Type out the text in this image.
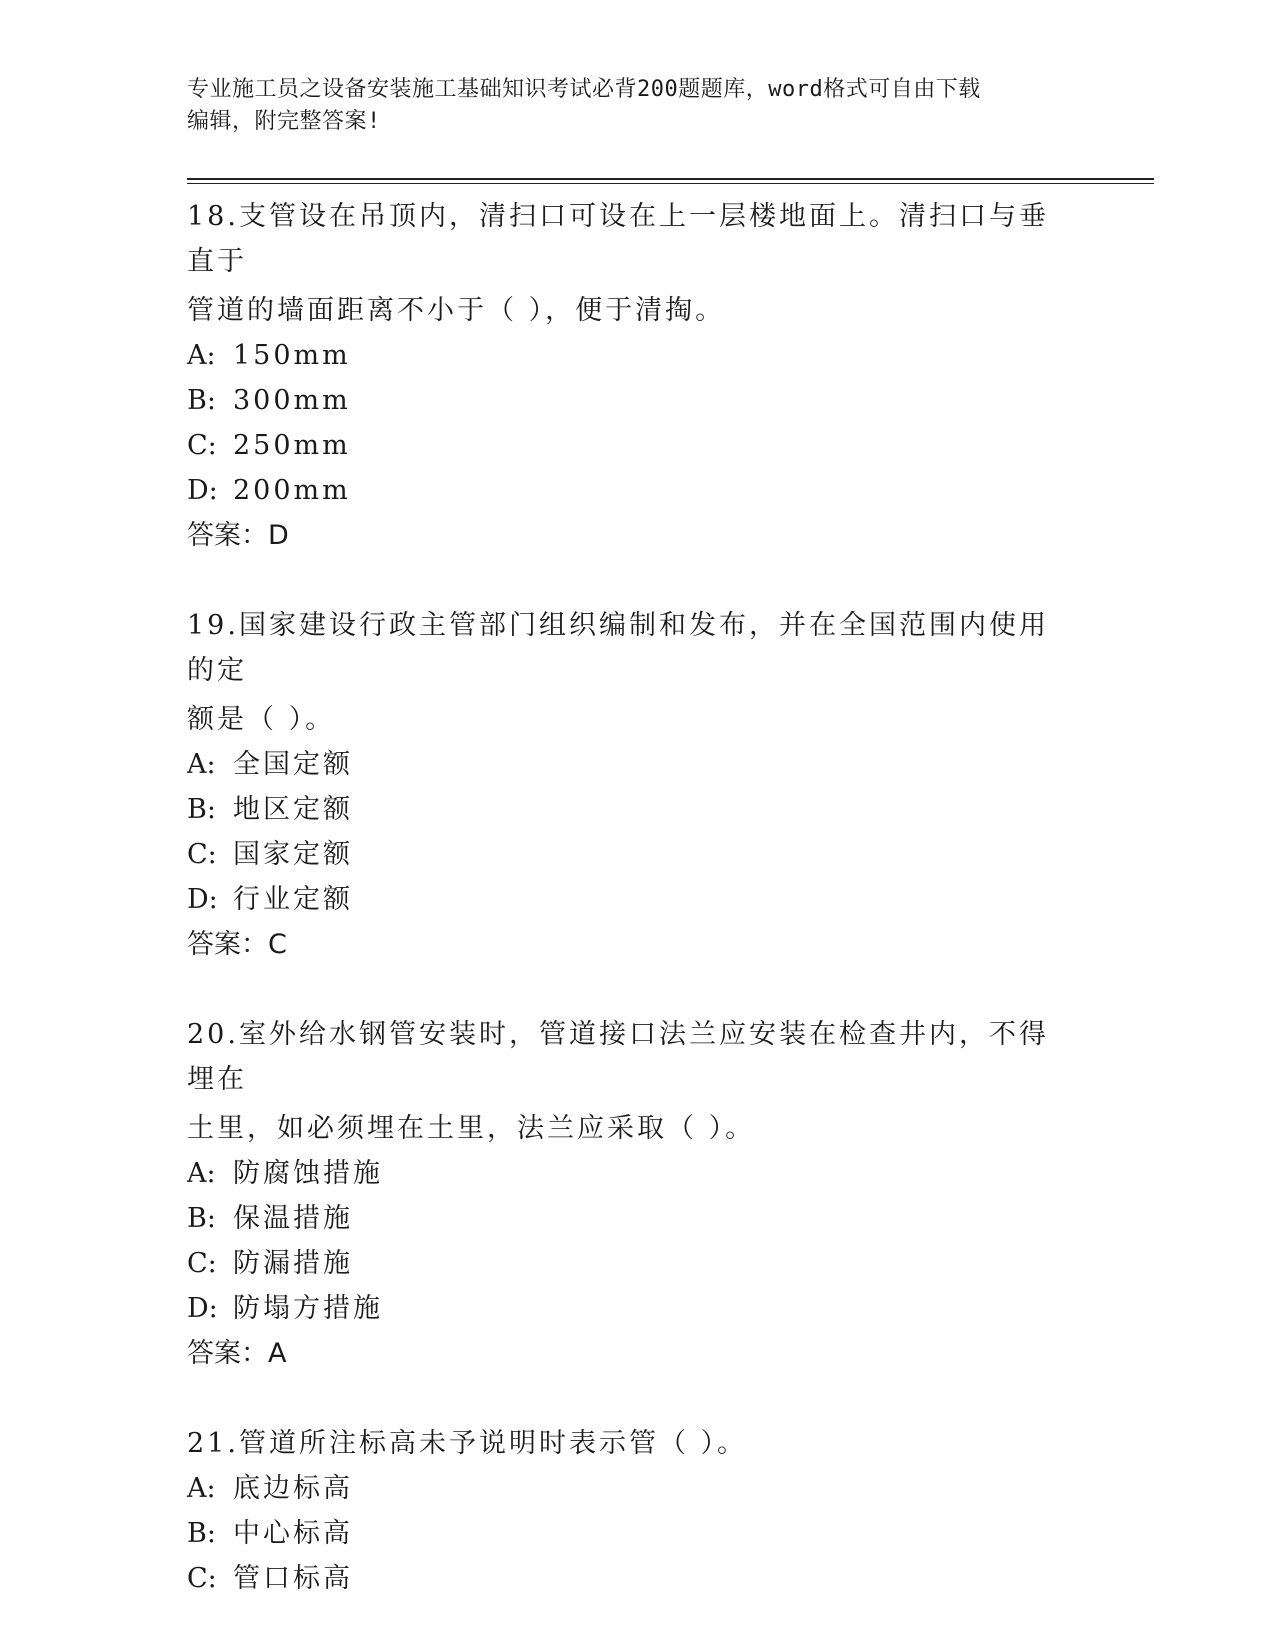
专业施工员之设备安装施工基础知识考试必背200题题库，word格式可自由下载
编辑，附完整答案!
18.支管设在吊顶内，清扫口可设在上一层楼地面上。清扫口与垂直于
管道的墙面距离不小于（ ），便于清掏。
A: 150mm
B: 300mm
C: 250mm
D: 200mm
答案：D
19.国家建设行政主管部门组织编制和发布，并在全国范围内使用的定
额是（ ）。
A: 全国定额
B: 地区定额
C: 国家定额
D: 行业定额
答案：C
20.室外给水钢管安装时，管道接口法兰应安装在检查井内，不得埋在
土里，如必须埋在土里，法兰应采取（ ）。
A: 防腐蚀措施
B: 保温措施
C: 防漏措施
D: 防塌方措施
答案：A
21.管道所注标高未予说明时表示管（ ）。
A: 底边标高
B: 中心标高
C: 管口标高
